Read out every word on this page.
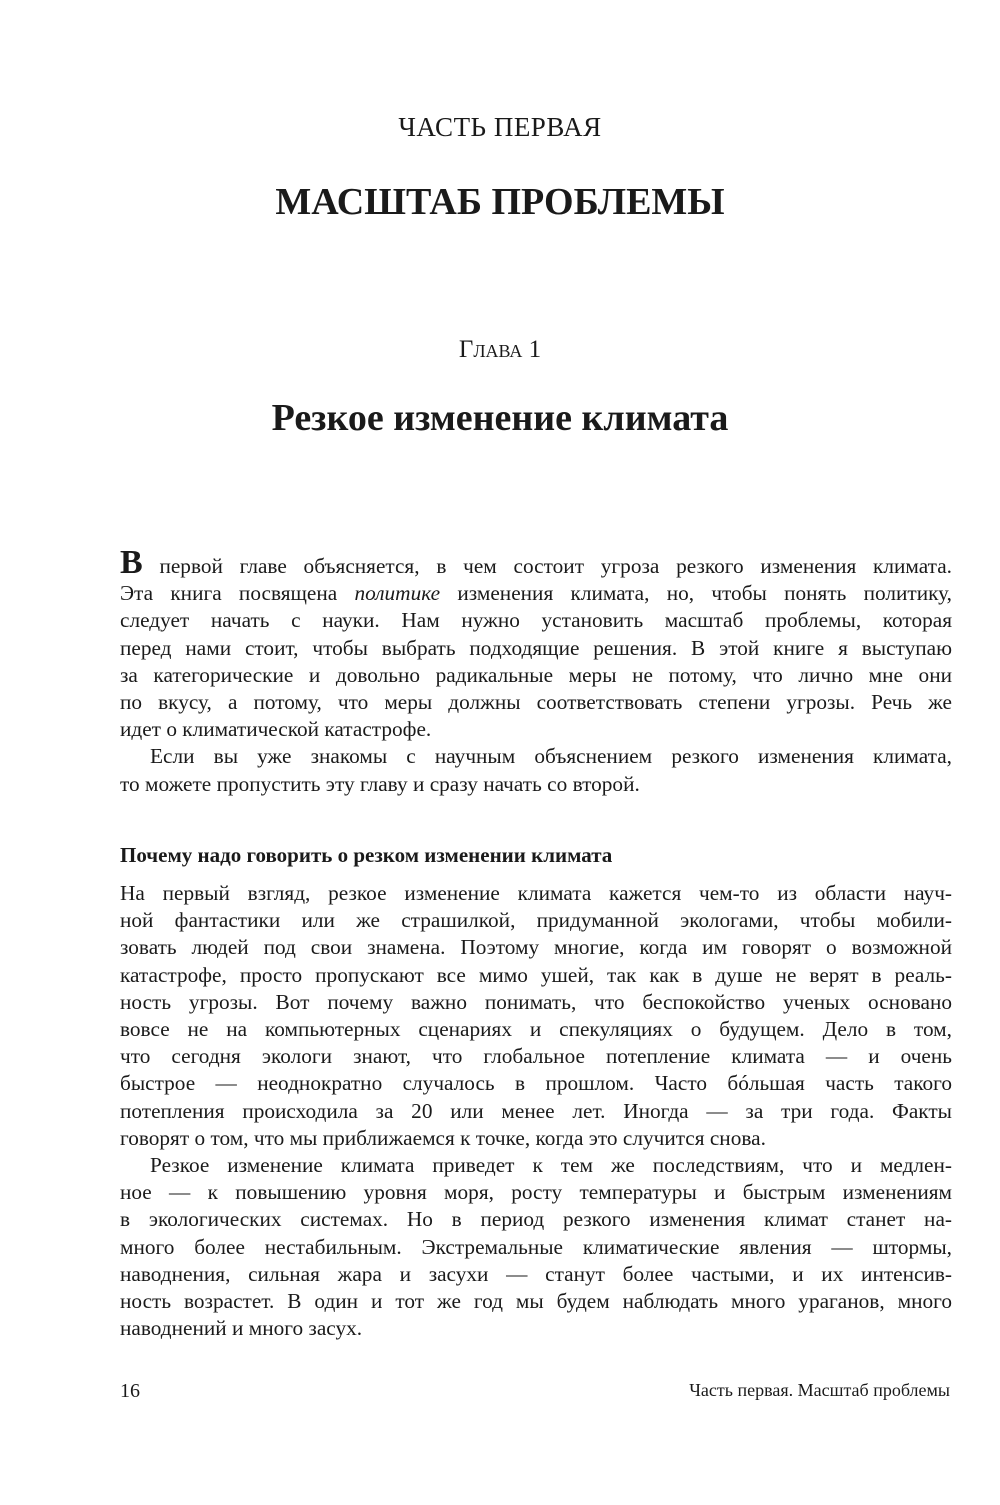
ЧАСТЬ ПЕРВАЯ
МАСШТАБ ПРОБЛЕМЫ
Глава 1
Резкое изменение климата
В первой главе объясняется, в чем состоит угроза резкого изменения климата.
Эта книга посвящена политике изменения климата, но, чтобы понять политику,
следует начать с науки. Нам нужно установить масштаб проблемы, которая
перед нами стоит, чтобы выбрать подходящие решения. В этой книге я выступаю
за категорические и довольно радикальные меры не потому, что лично мне они
по вкусу, а потому, что меры должны соответствовать степени угрозы. Речь же
идет о климатической катастрофе.
Если вы уже знакомы с научным объяснением резкого изменения климата,
то можете пропустить эту главу и сразу начать со второй.
Почему надо говорить о резком изменении климата
На первый взгляд, резкое изменение климата кажется чем-то из области науч-
ной фантастики или же страшилкой, придуманной экологами, чтобы мобили-
зовать людей под свои знамена. Поэтому многие, когда им говорят о возможной
катастрофе, просто пропускают все мимо ушей, так как в душе не верят в реаль-
ность угрозы. Вот почему важно понимать, что беспокойство ученых основано
вовсе не на компьютерных сценариях и спекуляциях о будущем. Дело в том,
что сегодня экологи знают, что глобальное потепление климата — и очень
быстрое — неоднократно случалось в прошлом. Часто бóльшая часть такого
потепления происходила за 20 или менее лет. Иногда — за три года. Факты
говорят о том, что мы приближаемся к точке, когда это случится снова.
Резкое изменение климата приведет к тем же последствиям, что и медлен-
ное — к повышению уровня моря, росту температуры и быстрым изменениям
в экологических системах. Но в период резкого изменения климат станет на-
много более нестабильным. Экстремальные климатические явления — штормы,
наводнения, сильная жара и засухи — станут более частыми, и их интенсив-
ность возрастет. В один и тот же год мы будем наблюдать много ураганов, много
наводнений и много засух.
16	Часть первая. Масштаб проблемы
